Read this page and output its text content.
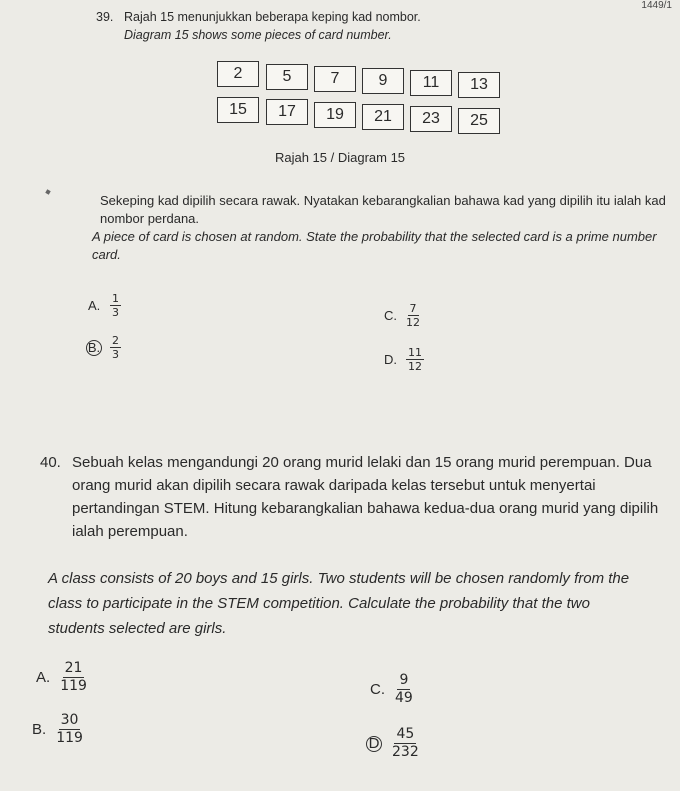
1449/1
39. Rajah 15 menunjukkan beberapa keping kad nombor.
Diagram 15 shows some pieces of card number.
2	5	7	9	11	13
15	17	19	21	23	25
Rajah 15 / Diagram 15
Sekeping kad dipilih secara rawak. Nyatakan kebarangkalian bahawa kad yang dipilih itu ialah kad nombor perdana.
A piece of card is chosen at random. State the probability that the selected card is a prime number card.
A. $\frac{1}{3}$
B. $\frac{2}{3}$
C. $\frac{7}{12}$
D. $\frac{11}{12}$
40. Sebuah kelas mengandungi 20 orang murid lelaki dan 15 orang murid perempuan. Dua
orang murid akan dipilih secara rawak daripada kelas tersebut untuk menyertai
pertandingan STEM. Hitung kebarangkalian bahawa kedua-dua orang murid yang dipilih
ialah perempuan.
A class consists of 20 boys and 15 girls. Two students will be chosen randomly from the
class to participate in the STEM competition. Calculate the probability that the two
students selected are girls.
A. $\frac{21}{119}$
B. $\frac{30}{119}$
C. $\frac{9}{49}$
D $\frac{45}{232}$
